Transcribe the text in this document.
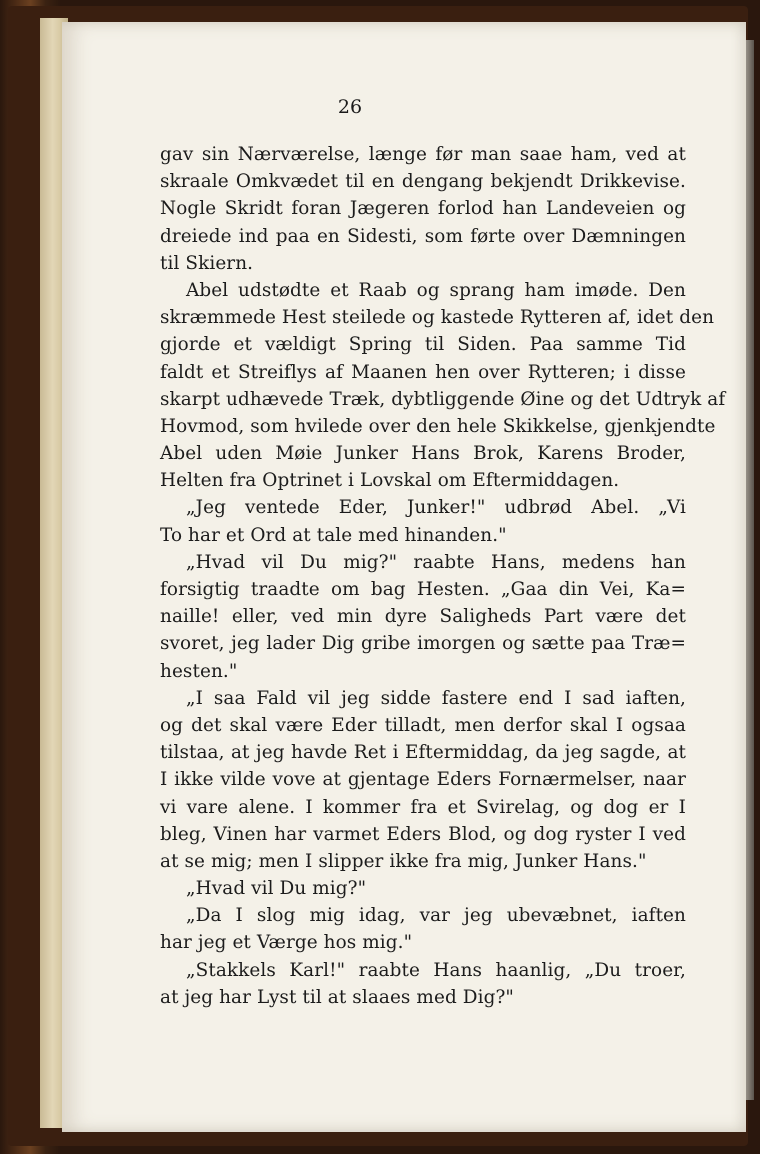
26
gav sin Nærværelse, længe før man saae ham, ved at
skraale Omkvædet til en dengang bekjendt Drikkevise.
Nogle Skridt foran Jægeren forlod han Landeveien og
dreiede ind paa en Sidesti, som førte over Dæmningen
til Skiern.
Abel udstødte et Raab og sprang ham imøde. Den
skræmmede Hest steilede og kastede Rytteren af, idet den
gjorde et vældigt Spring til Siden. Paa samme Tid
faldt et Streiflys af Maanen hen over Rytteren; i disse
skarpt udhævede Træk, dybtliggende Øine og det Udtryk af
Hovmod, som hvilede over den hele Skikkelse, gjenkjendte
Abel uden Møie Junker Hans Brok, Karens Broder,
Helten fra Optrinet i Lovskal om Eftermiddagen.
„Jeg ventede Eder, Junker!" udbrød Abel. „Vi
To har et Ord at tale med hinanden."
„Hvad vil Du mig?" raabte Hans, medens han
forsigtig traadte om bag Hesten. „Gaa din Vei, Ka=
naille! eller, ved min dyre Saligheds Part være det
svoret, jeg lader Dig gribe imorgen og sætte paa Træ=
hesten."
„I saa Fald vil jeg sidde fastere end I sad iaften,
og det skal være Eder tilladt, men derfor skal I ogsaa
tilstaa, at jeg havde Ret i Eftermiddag, da jeg sagde, at
I ikke vilde vove at gjentage Eders Fornærmelser, naar
vi vare alene. I kommer fra et Svirelag, og dog er I
bleg, Vinen har varmet Eders Blod, og dog ryster I ved
at se mig; men I slipper ikke fra mig, Junker Hans."
„Hvad vil Du mig?"
„Da I slog mig idag, var jeg ubevæbnet, iaften
har jeg et Værge hos mig."
„Stakkels Karl!" raabte Hans haanlig, „Du troer,
at jeg har Lyst til at slaaes med Dig?"
